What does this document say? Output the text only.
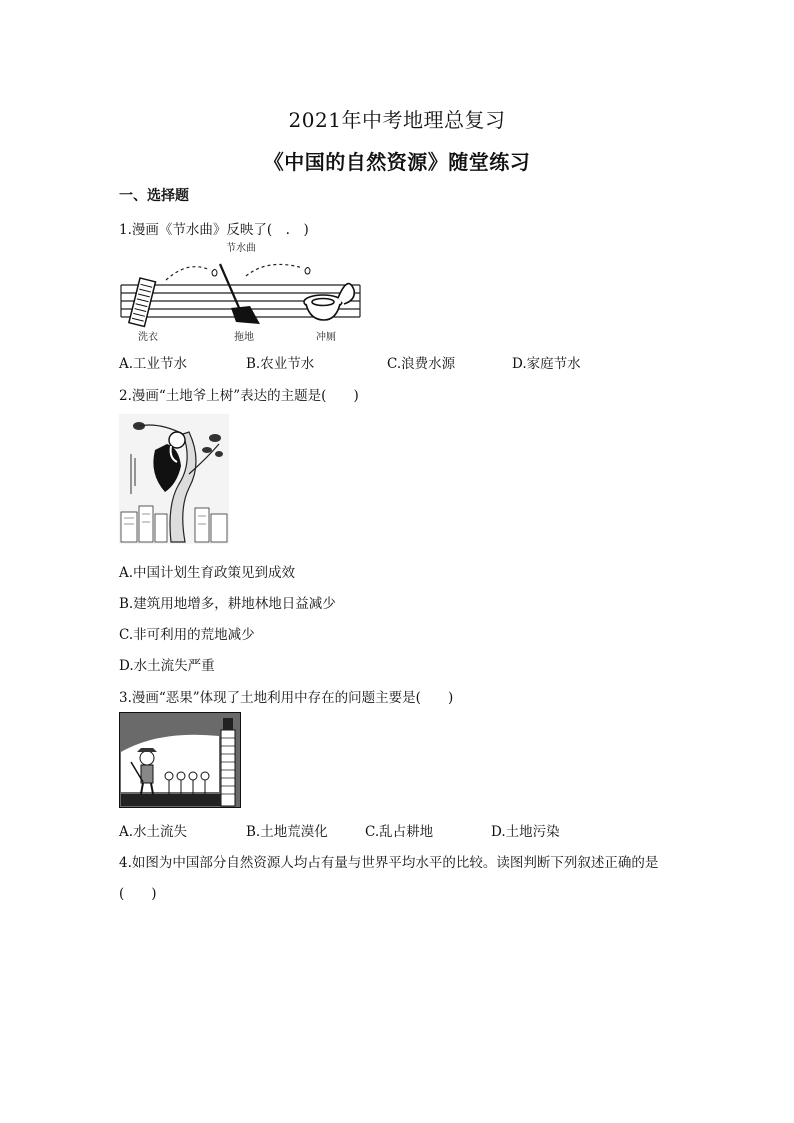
2021年中考地理总复习
《中国的自然资源》随堂练习
一、选择题
1.漫画《节水曲》反映了(　.　)
节水曲
洗衣	拖地	冲厕
A.工业节水	B.农业节水	C.浪费水源	D.家庭节水
2.漫画“土地爷上树”表达的主题是(　　)
A.中国计划生育政策见到成效
B.建筑用地增多，耕地林地日益减少
C.非可利用的荒地减少
D.水土流失严重
3.漫画“恶果”体现了土地利用中存在的问题主要是(　　)
A.水土流失	B.土地荒漠化	C.乱占耕地	D.土地污染
4.如图为中国部分自然资源人均占有量与世界平均水平的比较。读图判断下列叙述正确的是
(　　)
